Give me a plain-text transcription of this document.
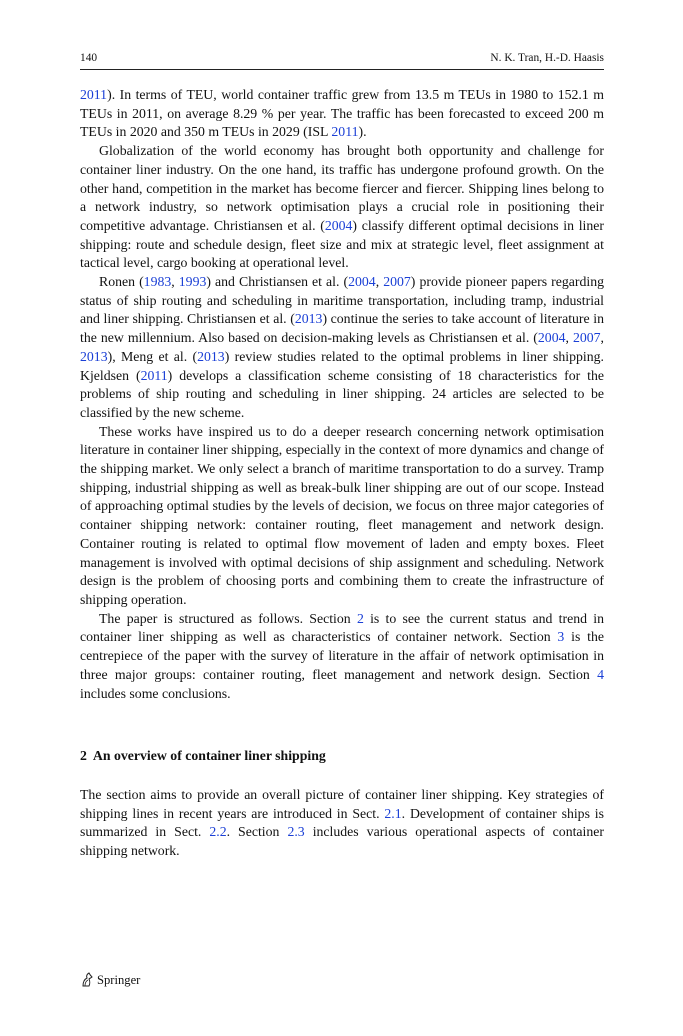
140	N. K. Tran, H.-D. Haasis

2011). In terms of TEU, world container traffic grew from 13.5 m TEUs in 1980 to 152.1 m TEUs in 2011, on average 8.29 % per year. The traffic has been forecasted to exceed 200 m TEUs in 2020 and 350 m TEUs in 2029 (ISL 2011).

Globalization of the world economy has brought both opportunity and challenge for container liner industry. On the one hand, its traffic has undergone profound growth. On the other hand, competition in the market has become fiercer and fiercer. Shipping lines belong to a network industry, so network optimisation plays a crucial role in positioning their competitive advantage. Christiansen et al. (2004) classify different optimal decisions in liner shipping: route and schedule design, fleet size and mix at strategic level, fleet assignment at tactical level, cargo booking at operational level.

Ronen (1983, 1993) and Christiansen et al. (2004, 2007) provide pioneer papers regarding status of ship routing and scheduling in maritime transportation, including tramp, industrial and liner shipping. Christiansen et al. (2013) continue the series to take account of literature in the new millennium. Also based on decision-making levels as Christiansen et al. (2004, 2007, 2013), Meng et al. (2013) review studies related to the optimal problems in liner shipping. Kjeldsen (2011) develops a classification scheme consisting of 18 characteristics for the problems of ship routing and scheduling in liner shipping. 24 articles are selected to be classified by the new scheme.

These works have inspired us to do a deeper research concerning network optimisation literature in container liner shipping, especially in the context of more dynamics and change of the shipping market. We only select a branch of maritime transportation to do a survey. Tramp shipping, industrial shipping as well as break-bulk liner shipping are out of our scope. Instead of approaching optimal studies by the levels of decision, we focus on three major categories of container shipping network: container routing, fleet management and network design. Container routing is related to optimal flow movement of laden and empty boxes. Fleet management is involved with optimal decisions of ship assignment and scheduling. Network design is the problem of choosing ports and combining them to create the infrastructure of shipping operation.

The paper is structured as follows. Section 2 is to see the current status and trend in container liner shipping as well as characteristics of container network. Section 3 is the centrepiece of the paper with the survey of literature in the affair of network optimisation in three major groups: container routing, fleet management and network design. Section 4 includes some conclusions.

2 An overview of container liner shipping

The section aims to provide an overall picture of container liner shipping. Key strategies of shipping lines in recent years are introduced in Sect. 2.1. Development of container ships is summarized in Sect. 2.2. Section 2.3 includes various operational aspects of container shipping network.

Springer
